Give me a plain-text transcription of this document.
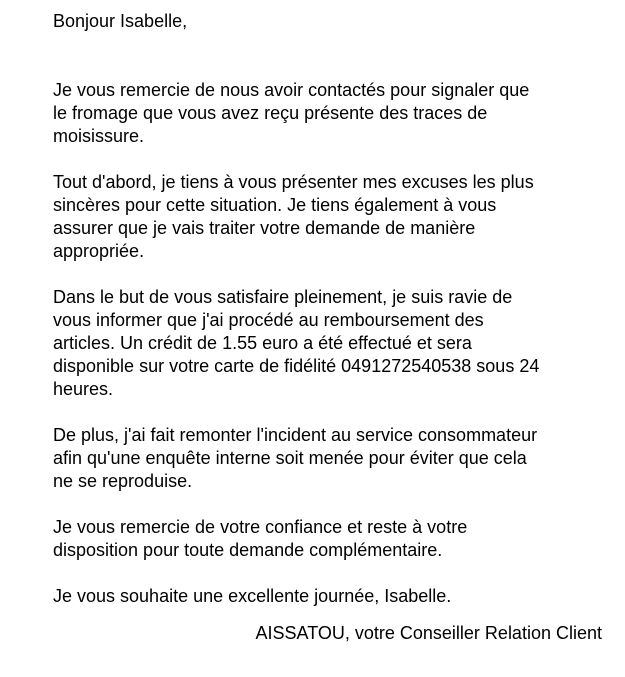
Bonjour Isabelle,
Je vous remercie de nous avoir contactés pour signaler que
le fromage que vous avez reçu présente des traces de
moisissure.
Tout d'abord, je tiens à vous présenter mes excuses les plus
sincères pour cette situation. Je tiens également à vous
assurer que je vais traiter votre demande de manière
appropriée.
Dans le but de vous satisfaire pleinement, je suis ravie de
vous informer que j'ai procédé au remboursement des
articles. Un crédit de 1.55 euro a été effectué et sera
disponible sur votre carte de fidélité 0491272540538 sous 24
heures.
De plus, j'ai fait remonter l'incident au service consommateur
afin qu'une enquête interne soit menée pour éviter que cela
ne se reproduise.
Je vous remercie de votre confiance et reste à votre
disposition pour toute demande complémentaire.
Je vous souhaite une excellente journée, Isabelle.
AISSATOU, votre Conseiller Relation Client
